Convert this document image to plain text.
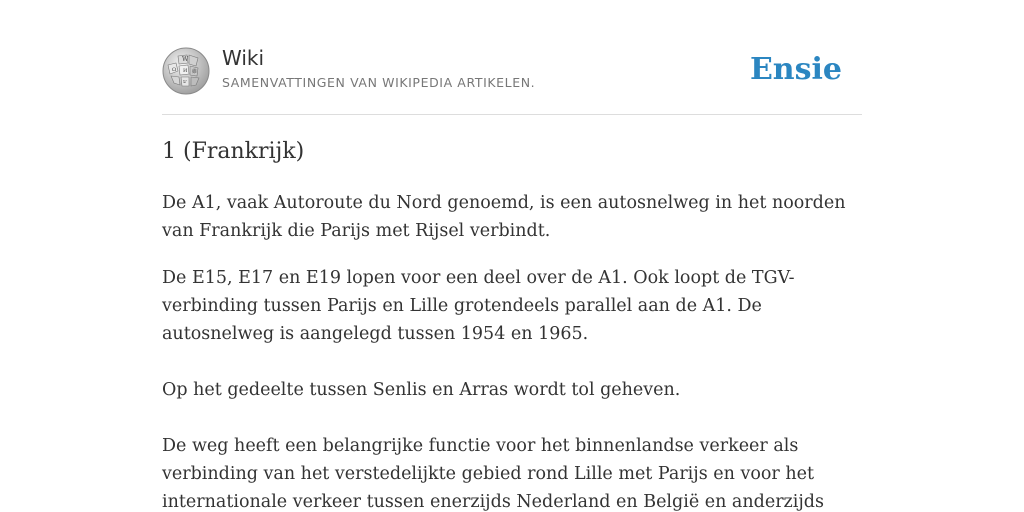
W
Ω И 維
ש
Wiki
SAMENVATTINGEN VAN WIKIPEDIA ARTIKELEN.	Ensie
1 (Frankrijk)

De A1, vaak Autoroute du Nord genoemd, is een autosnelweg in het noorden van Frankrijk die Parijs met Rijsel verbindt.

De E15, E17 en E19 lopen voor een deel over de A1. Ook loopt de TGV-verbinding tussen Parijs en Lille grotendeels parallel aan de A1. De autosnelweg is aangelegd tussen 1954 en 1965.

Op het gedeelte tussen Senlis en Arras wordt tol geheven.

De weg heeft een belangrijke functie voor het binnenlandse verkeer als verbinding van het verstedelijkte gebied rond Lille met Parijs en voor het internationale verkeer tussen enerzijds Nederland en België en anderzijds
